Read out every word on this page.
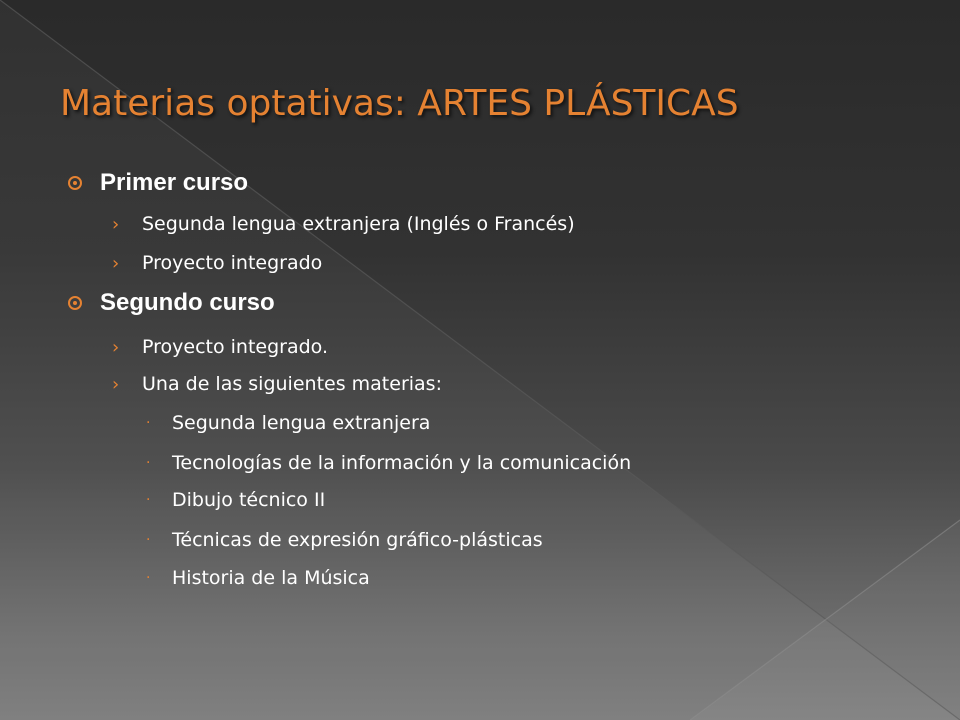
Materias optativas: ARTES PLÁSTICAS
Primer curso
› Segunda lengua extranjera (Inglés o Francés)
› Proyecto integrado
Segundo curso
› Proyecto integrado.
› Una de las siguientes materias:
· Segunda lengua extranjera
· Tecnologías de la información y la comunicación
· Dibujo técnico II
· Técnicas de expresión gráfico-plásticas
· Historia de la Música
